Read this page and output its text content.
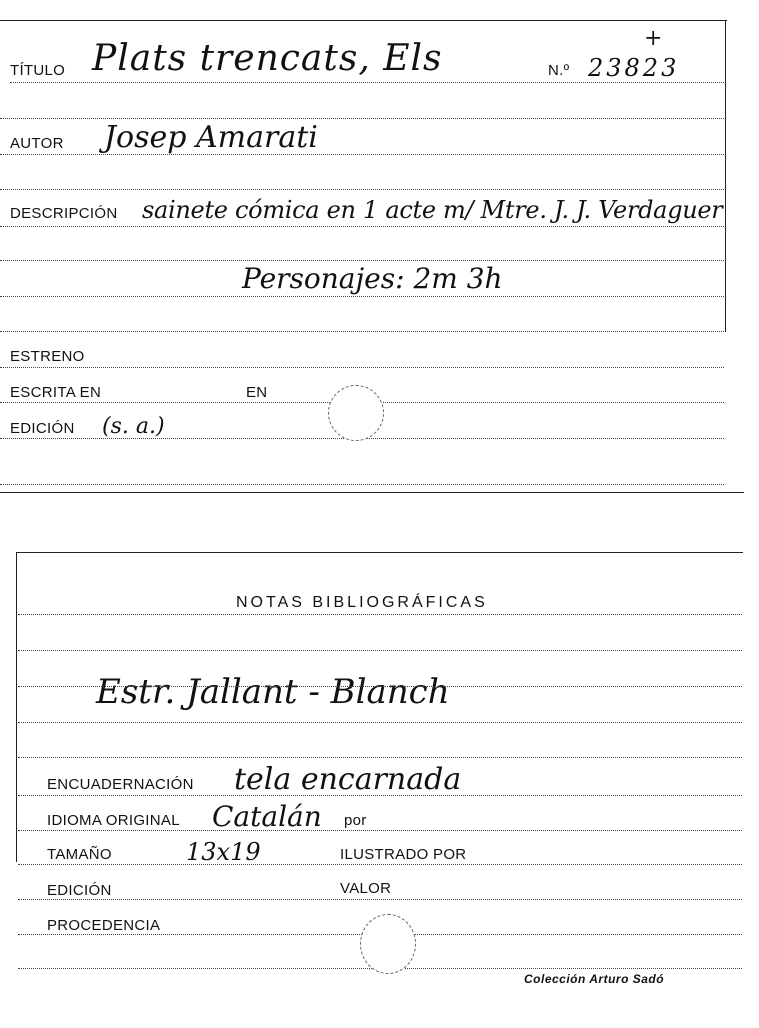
TÍTULO Plats trencats, Els	N.º 23823
+
AUTOR Josep Amarati
DESCRIPCIÓN sainete cómica en 1 acte m/ Mtre. J. J. Verdaguer
Personajes: 2m 3h
ESTRENO
ESCRITA EN	EN
EDICIÓN (s. a.)
NOTAS BIBLIOGRÁFICAS
Estr. Jallant - Blanch
ENCUADERNACIÓN tela encarnada
IDIOMA ORIGINAL Catalán por
TAMAÑO	13x19	ILUSTRADO POR
EDICIÓN	VALOR
PROCEDENCIA
Colección Arturo Sadó
